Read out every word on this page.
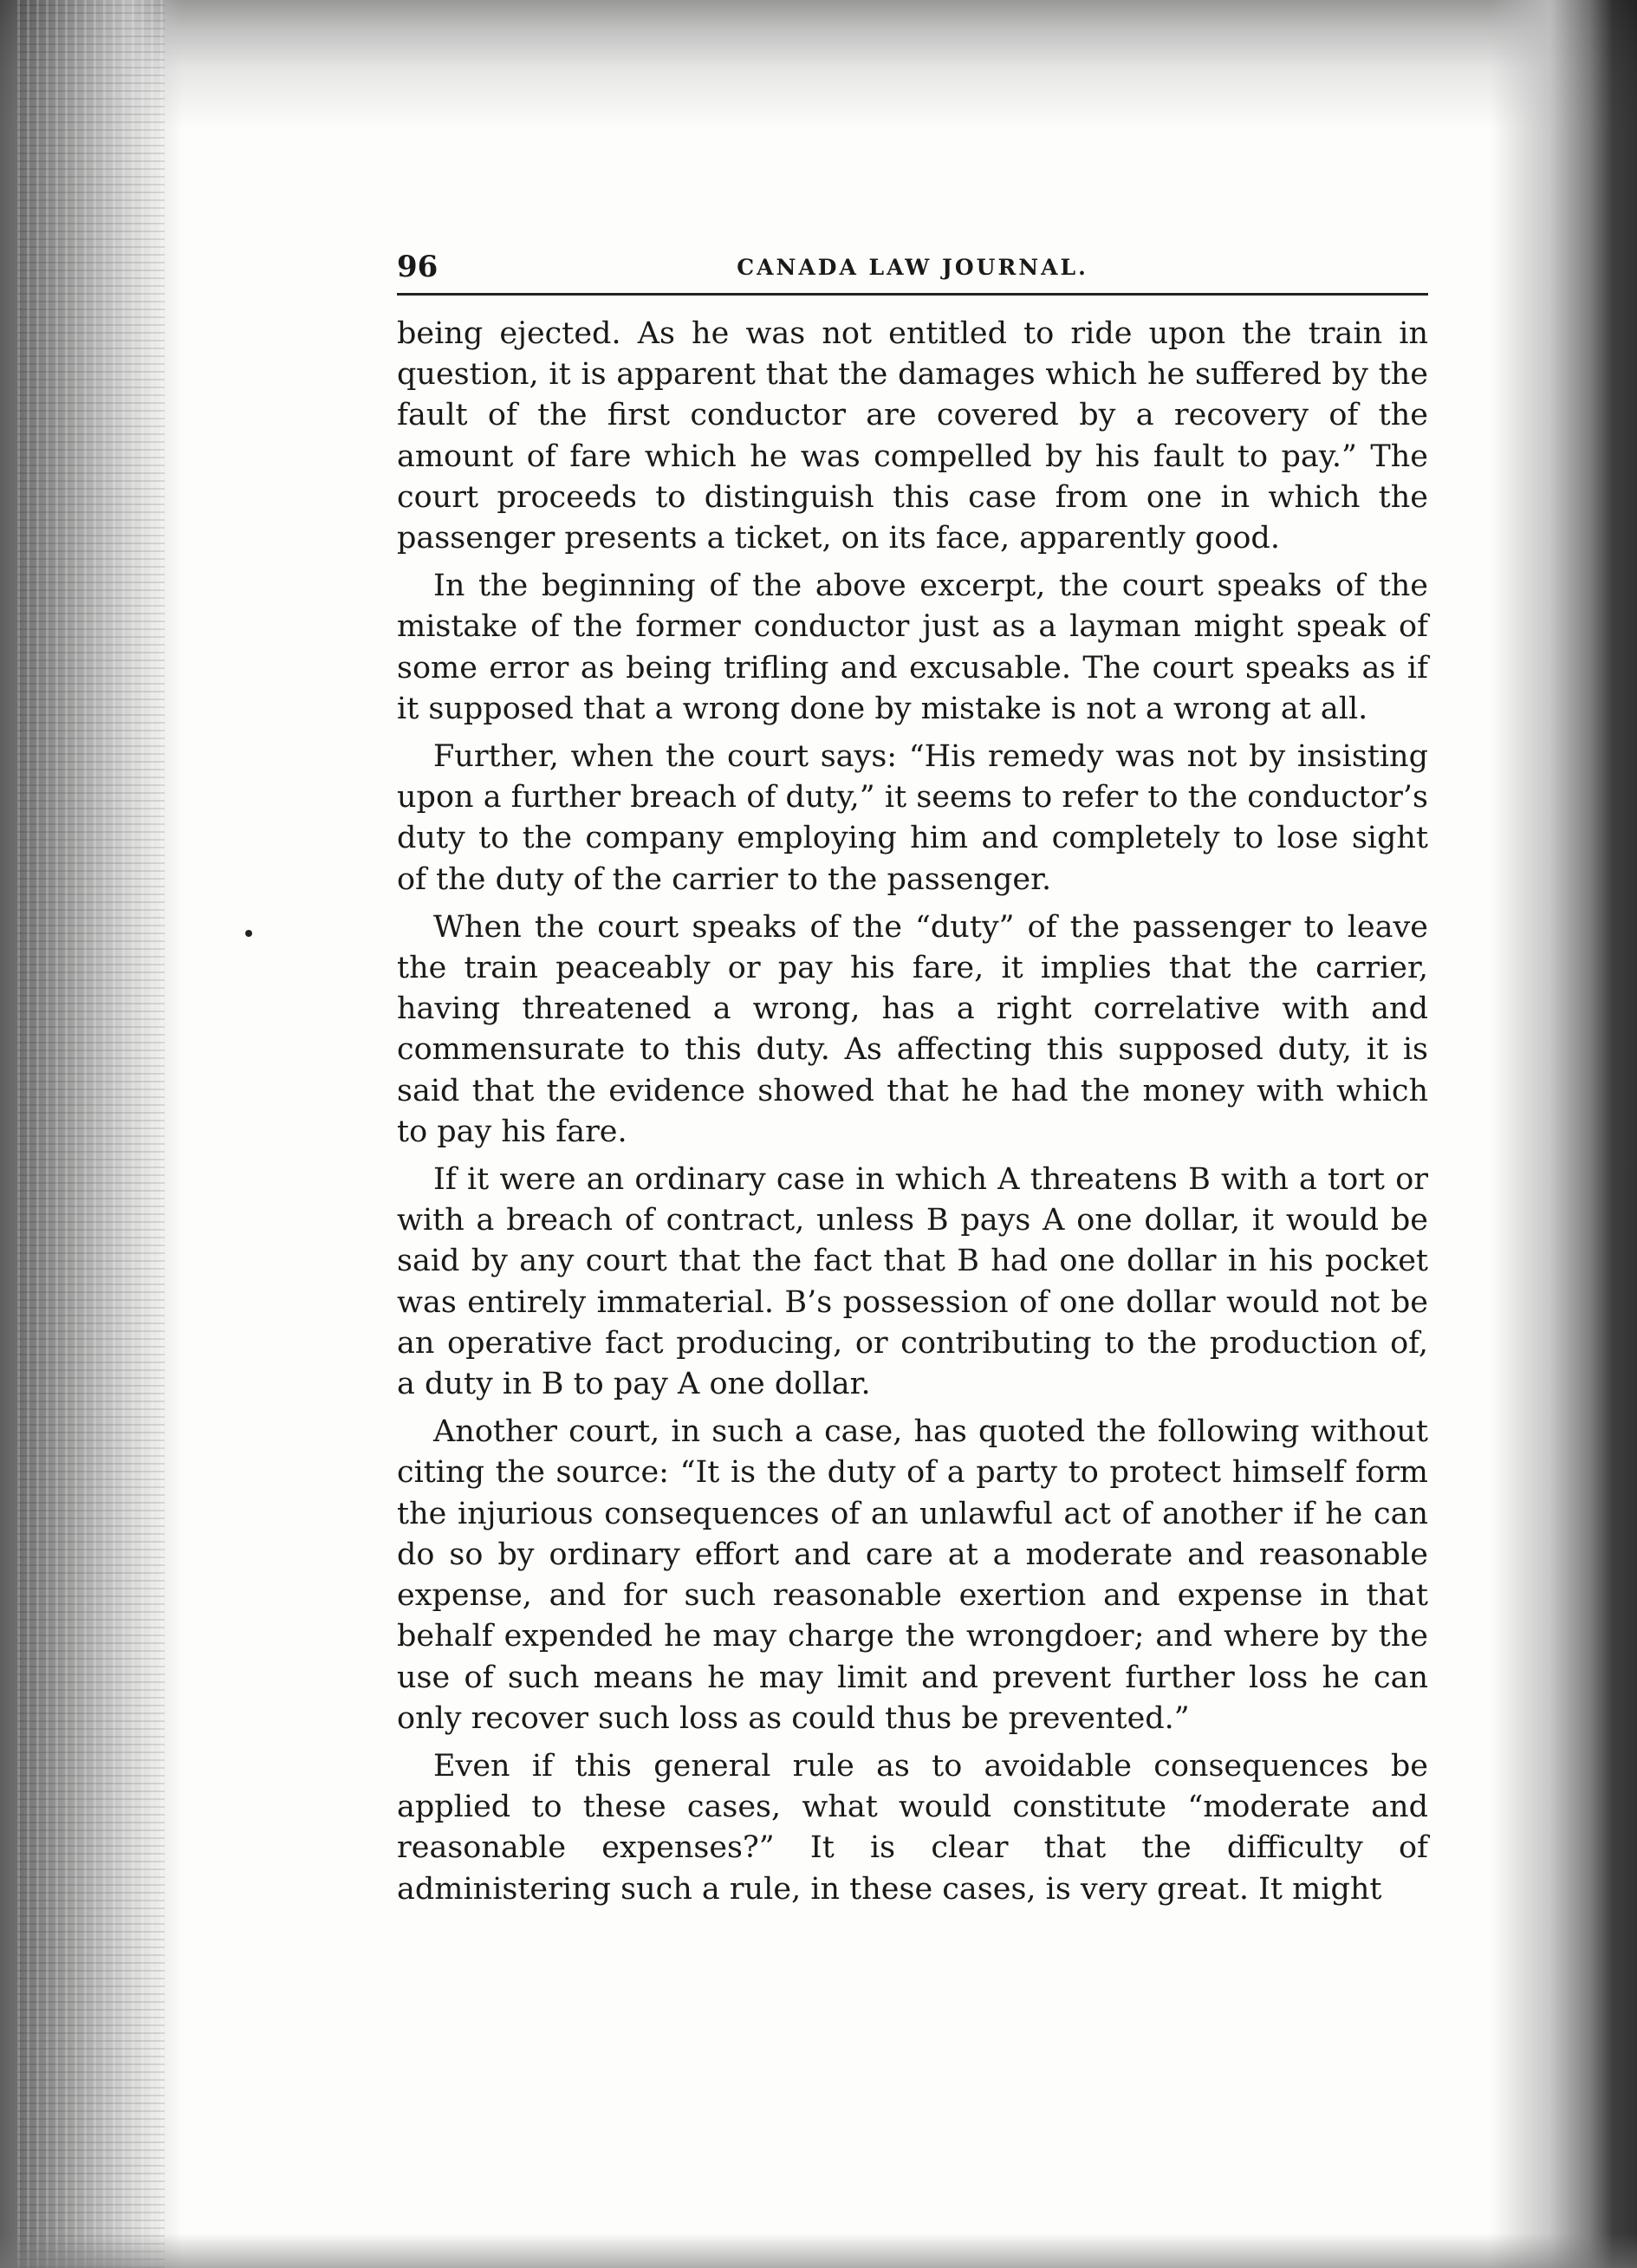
96	CANADA LAW JOURNAL.

being ejected. As he was not entitled to ride upon the train in question, it is apparent that the damages which he suffered by the fault of the first conductor are covered by a recovery of the amount of fare which he was compelled by his fault to pay.” The court proceeds to distinguish this case from one in which the passenger presents a ticket, on its face, apparently good.

In the beginning of the above excerpt, the court speaks of the mistake of the former conductor just as a layman might speak of some error as being trifling and excusable. The court speaks as if it supposed that a wrong done by mistake is not a wrong at all.

Further, when the court says: “His remedy was not by insisting upon a further breach of duty,” it seems to refer to the conductor’s duty to the company employing him and completely to lose sight of the duty of the carrier to the passenger.

When the court speaks of the “duty” of the passenger to leave the train peaceably or pay his fare, it implies that the carrier, having threatened a wrong, has a right correlative with and commensurate to this duty. As affecting this supposed duty, it is said that the evidence showed that he had the money with which to pay his fare.

If it were an ordinary case in which A threatens B with a tort or with a breach of contract, unless B pays A one dollar, it would be said by any court that the fact that B had one dollar in his pocket was entirely immaterial. B’s possession of one dollar would not be an operative fact producing, or contributing to the production of, a duty in B to pay A one dollar.

Another court, in such a case, has quoted the following without citing the source: “It is the duty of a party to protect himself form the injurious consequences of an unlawful act of another if he can do so by ordinary effort and care at a moderate and reasonable expense, and for such reasonable exertion and expense in that behalf expended he may charge the wrongdoer; and where by the use of such means he may limit and prevent further loss he can only recover such loss as could thus be prevented.”

Even if this general rule as to avoidable consequences be applied to these cases, what would constitute “moderate and reasonable expenses?” It is clear that the difficulty of administering such a rule, in these cases, is very great. It might
